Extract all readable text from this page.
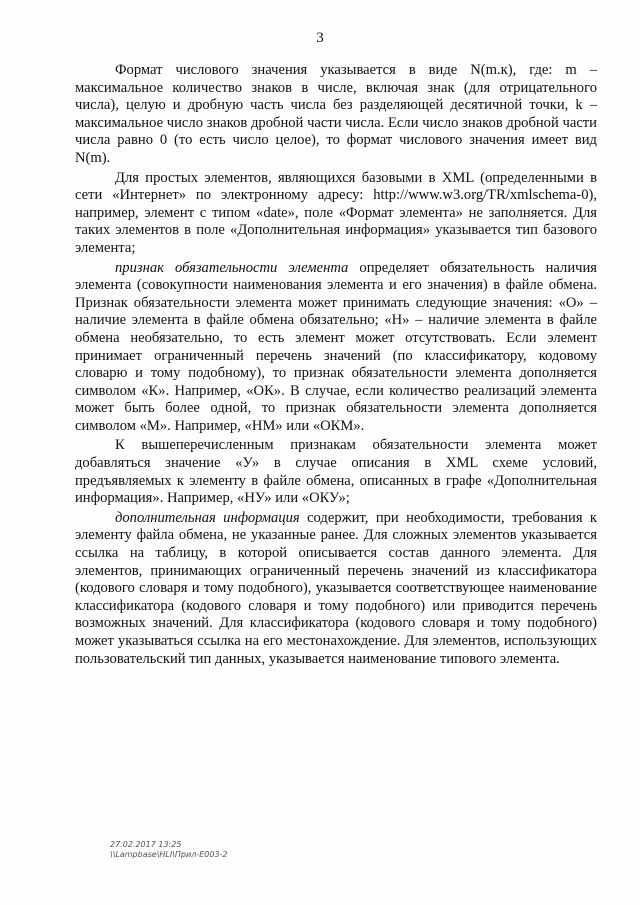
3

Формат числового значения указывается в виде N(m.к), где: m – максимальное количество знаков в числе, включая знак (для отрицательного числа), целую и дробную часть числа без разделяющей десятичной точки, k – максимальное число знаков дробной части числа. Если число знаков дробной части числа равно 0 (то есть число целое), то формат числового значения имеет вид N(m).

Для простых элементов, являющихся базовыми в XML (определенными в сети «Интернет» по электронному адресу: http://www.w3.org/TR/xmlschema-0), например, элемент с типом «date», поле «Формат элемента» не заполняется. Для таких элементов в поле «Дополнительная информация» указывается тип базового элемента;

признак обязательности элемента определяет обязательность наличия элемента (совокупности наименования элемента и его значения) в файле обмена. Признак обязательности элемента может принимать следующие значения: «О» – наличие элемента в файле обмена обязательно; «Н» – наличие элемента в файле обмена необязательно, то есть элемент может отсутствовать. Если элемент принимает ограниченный перечень значений (по классификатору, кодовому словарю и тому подобному), то признак обязательности элемента дополняется символом «К». Например, «ОК». В случае, если количество реализаций элемента может быть более одной, то признак обязательности элемента дополняется символом «М». Например, «НМ» или «ОКМ».

К вышеперечисленным признакам обязательности элемента может добавляться значение «У» в случае описания в XML схеме условий, предъявляемых к элементу в файле обмена, описанных в графе «Дополнительная информация». Например, «НУ» или «ОКУ»;

дополнительная информация содержит, при необходимости, требования к элементу файла обмена, не указанные ранее. Для сложных элементов указывается ссылка на таблицу, в которой описывается состав данного элемента. Для элементов, принимающих ограниченный перечень значений из классификатора (кодового словаря и тому подобного), указывается соответствующее наименование классификатора (кодового словаря и тому подобного) или приводится перечень возможных значений. Для классификатора (кодового словаря и тому подобного) может указываться ссылка на его местонахождение. Для элементов, использующих пользовательский тип данных, указывается наименование типового элемента.

27.02.2017 13:25
\\Lampbase\HLI\Прил-Е003-2
